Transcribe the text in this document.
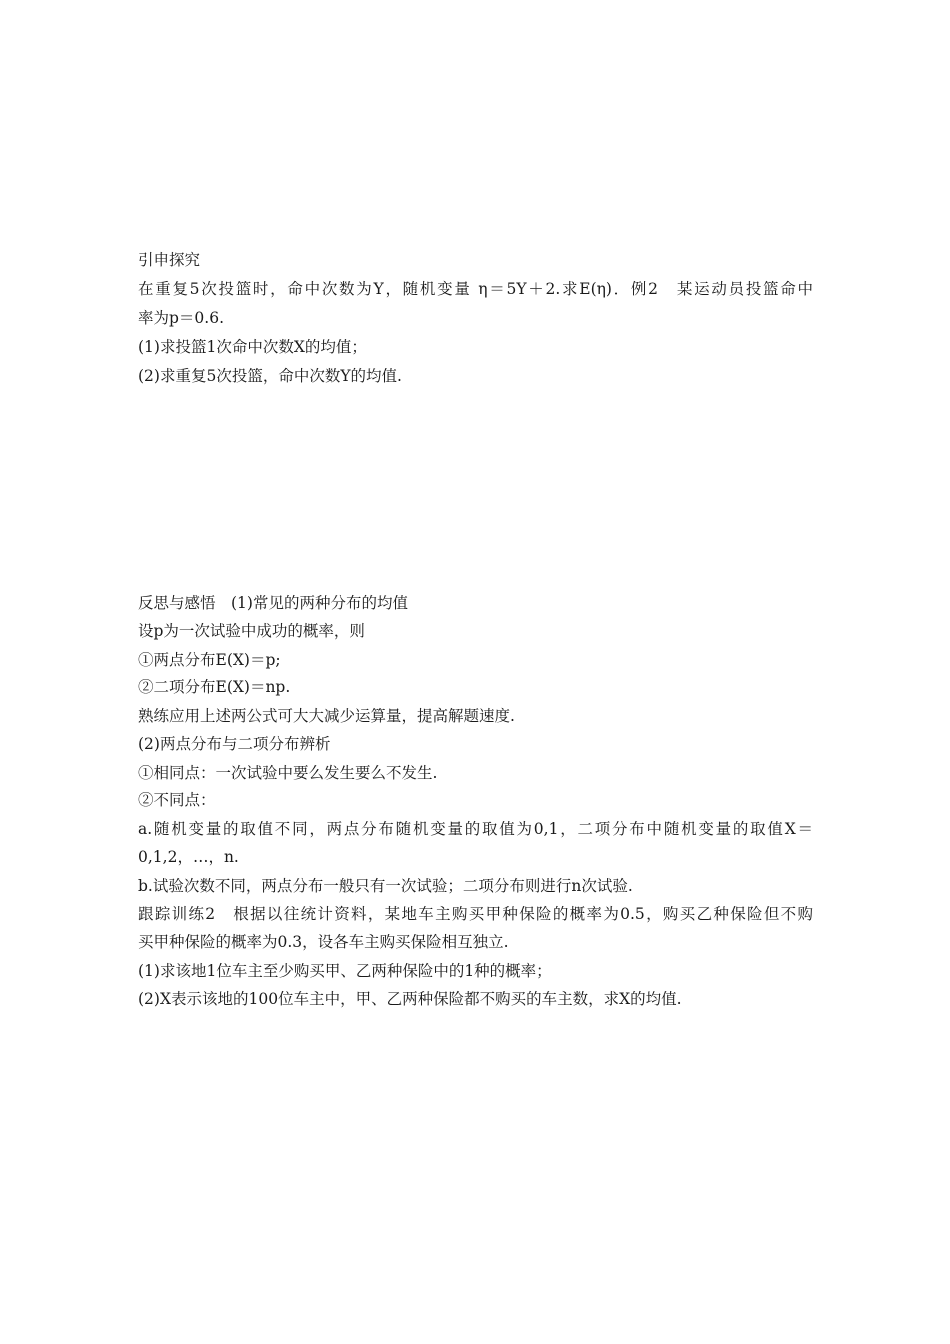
引申探究
在重复5次投篮时，命中次数为Y，随机变量 η＝5Y＋2.求E(η)．例2　某运动员投篮命中
率为p＝0.6.
(1)求投篮1次命中次数X的均值；
(2)求重复5次投篮，命中次数Y的均值.
反思与感悟　(1)常见的两种分布的均值
设p为一次试验中成功的概率，则
①两点分布E(X)＝p;
②二项分布E(X)＝np.
熟练应用上述两公式可大大减少运算量，提高解题速度.
(2)两点分布与二项分布辨析
①相同点：一次试验中要么发生要么不发生.
②不同点：
a.随机变量的取值不同，两点分布随机变量的取值为0,1，二项分布中随机变量的取值X＝
0,1,2，…，n.
b.试验次数不同，两点分布一般只有一次试验；二项分布则进行n次试验.
跟踪训练2　根据以往统计资料，某地车主购买甲种保险的概率为0.5，购买乙种保险但不购
买甲种保险的概率为0.3，设各车主购买保险相互独立.
(1)求该地1位车主至少购买甲、乙两种保险中的1种的概率；
(2)X表示该地的100位车主中，甲、乙两种保险都不购买的车主数，求X的均值.
